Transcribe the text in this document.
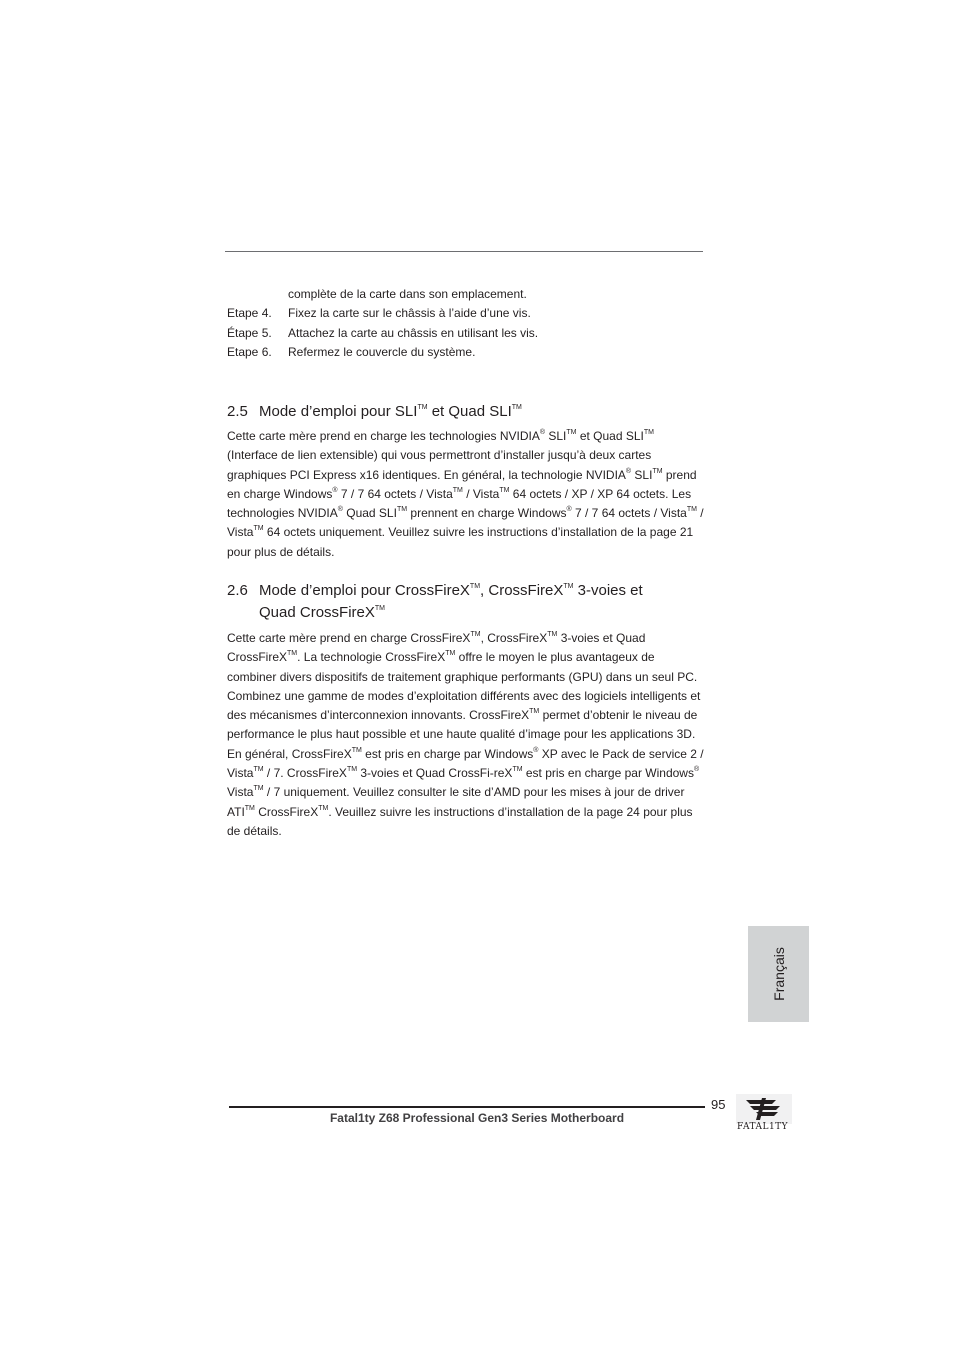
complète de la carte dans son emplacement.
Etape 4.	Fixez la carte sur le châssis à l’aide d’une vis.
Étape 5.	Attachez la carte au châssis en utilisant les vis.
Etape 6.	Refermez le couvercle du système.
2.5 Mode d’emploi pour SLI™ et Quad SLI™
Cette carte mère prend en charge les technologies NVIDIA® SLI™ et Quad SLI™ (Interface de lien extensible) qui vous permettront d’installer jusqu’à deux cartes graphiques PCI Express x16 identiques. En général, la technologie NVIDIA® SLI™ prend en charge Windows® 7 / 7 64 octets / Vista™ / Vista™ 64 octets / XP / XP 64 octets. Les technologies NVIDIA® Quad SLI™ prennent en charge Windows® 7 / 7 64 octets / Vista™ / Vista™ 64 octets uniquement. Veuillez suivre les instructions d’installation de la page 21 pour plus de détails.
2.6 Mode d’emploi pour CrossFireX™, CrossFireX™ 3-voies et
Quad CrossFireX™
Cette carte mère prend en charge CrossFireX™, CrossFireX™ 3-voies et Quad CrossFireX™. La technologie CrossFireX™ offre le moyen le plus avantageux de combiner divers dispositifs de traitement graphique performants (GPU) dans un seul PC. Combinez une gamme de modes d’exploitation différents avec des logiciels intelligents et des mécanismes d’interconnexion innovants. CrossFireX™ permet d’obtenir le niveau de performance le plus haut possible et une haute qualité d’image pour les applications 3D. En général, CrossFireX™ est pris en charge par Windows® XP avec le Pack de service 2 / Vista™ / 7. CrossFireX™ 3-voies et Quad CrossFi-reX™ est pris en charge par Windows® Vista™ / 7 uniquement. Veuillez consulter le site d’AMD pour les mises à jour de driver ATI™ CrossFireX™. Veuillez suivre les instructions d’installation de la page 24 pour plus de détails.
Français
95
Fatal1ty Z68 Professional Gen3 Series Motherboard
FATAL1TY
